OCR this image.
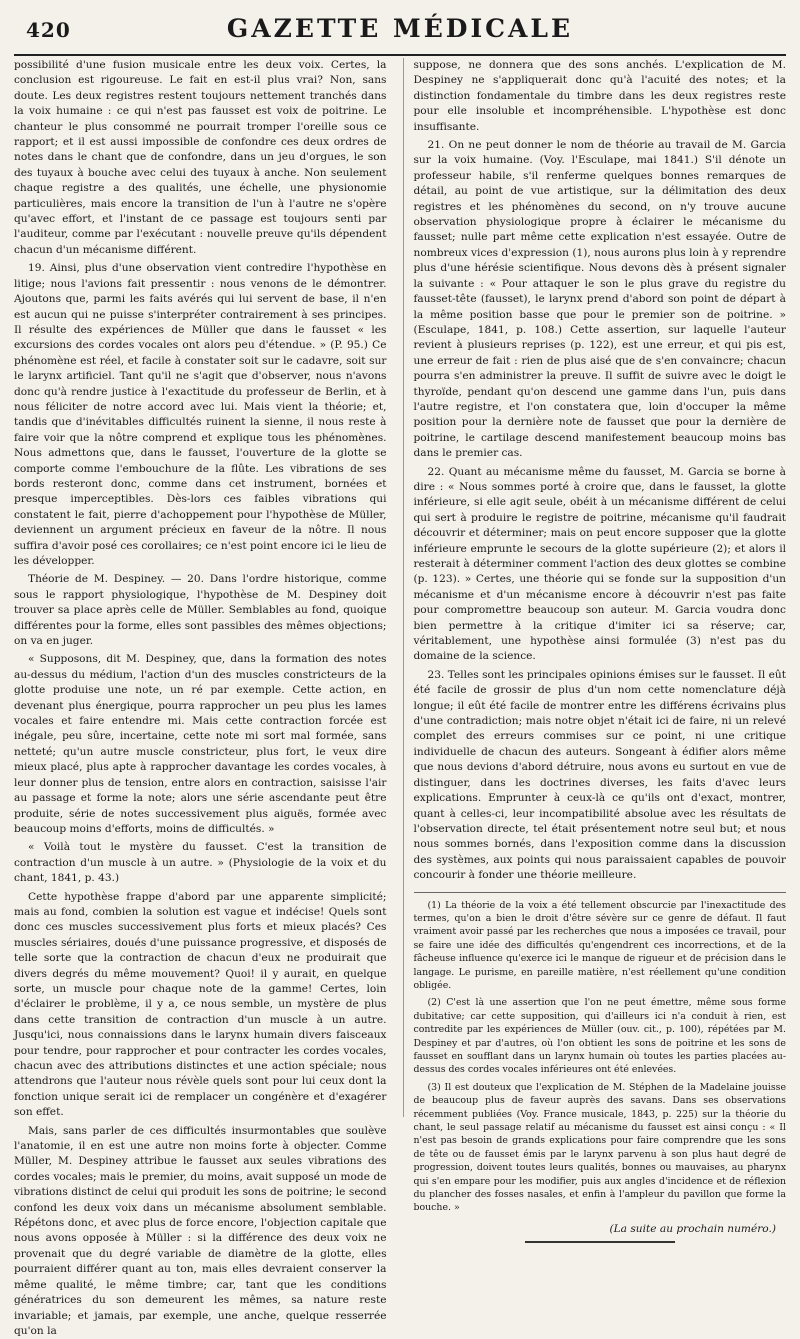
420	GAZETTE MÉDICALE

possibilité d'une fusion musicale entre les deux voix. Certes, la conclusion est rigoureuse. Le fait en est-il plus vrai? Non, sans doute. Les deux registres restent toujours nettement tranchés dans la voix humaine : ce qui n'est pas fausset est voix de poitrine. Le chanteur le plus consommé ne pourrait tromper l'oreille sous ce rapport; et il est aussi impossible de confondre ces deux ordres de notes dans le chant que de confondre, dans un jeu d'orgues, le son des tuyaux à bouche avec celui des tuyaux à anche. Non seulement chaque registre a des qualités, une échelle, une physionomie particulières, mais encore la transition de l'un à l'autre ne s'opère qu'avec effort, et l'instant de ce passage est toujours senti par l'auditeur, comme par l'exécutant : nouvelle preuve qu'ils dépendent chacun d'un mécanisme différent.

19. Ainsi, plus d'une observation vient contredire l'hypothèse en litige; nous l'avions fait pressentir : nous venons de le démontrer. Ajoutons que, parmi les faits avérés qui lui servent de base, il n'en est aucun qui ne puisse s'interpréter contrairement à ses principes. Il résulte des expériences de Müller que dans le fausset « les excursions des cordes vocales ont alors peu d'étendue. » (P. 95.) Ce phénomène est réel, et facile à constater soit sur le cadavre, soit sur le larynx artificiel. Tant qu'il ne s'agit que d'observer, nous n'avons donc qu'à rendre justice à l'exactitude du professeur de Berlin, et à nous féliciter de notre accord avec lui. Mais vient la théorie; et, tandis que d'inévitables difficultés ruinent la sienne, il nous reste à faire voir que la nôtre comprend et explique tous les phénomènes. Nous admettons que, dans le fausset, l'ouverture de la glotte se comporte comme l'embouchure de la flûte. Les vibrations de ses bords resteront donc, comme dans cet instrument, bornées et presque imperceptibles. Dès-lors ces faibles vibrations qui constatent le fait, pierre d'achoppement pour l'hypothèse de Müller, deviennent un argument précieux en faveur de la nôtre. Il nous suffira d'avoir posé ces corollaires; ce n'est point encore ici le lieu de les développer.

Théorie de M. Despiney. — 20. Dans l'ordre historique, comme sous le rapport physiologique, l'hypothèse de M. Despiney doit trouver sa place après celle de Müller. Semblables au fond, quoique différentes pour la forme, elles sont passibles des mêmes objections; on va en juger.

« Supposons, dit M. Despiney, que, dans la formation des notes au-dessus du médium, l'action d'un des muscles constricteurs de la glotte produise une note, un ré par exemple. Cette action, en devenant plus énergique, pourra rapprocher un peu plus les lames vocales et faire entendre mi. Mais cette contraction forcée est inégale, peu sûre, incertaine, cette note mi sort mal formée, sans netteté; qu'un autre muscle constricteur, plus fort, le veux dire mieux placé, plus apte à rapprocher davantage les cordes vocales, à leur donner plus de tension, entre alors en contraction, saisisse l'air au passage et forme la note; alors une série ascendante peut être produite, série de notes successivement plus aiguës, formée avec beaucoup moins d'efforts, moins de difficultés. »

« Voilà tout le mystère du fausset. C'est la transition de contraction d'un muscle à un autre. » (Physiologie de la voix et du chant, 1841, p. 43.)

Cette hypothèse frappe d'abord par une apparente simplicité; mais au fond, combien la solution est vague et indécise! Quels sont donc ces muscles successivement plus forts et mieux placés? Ces muscles sériaires, doués d'une puissance progressive, et disposés de telle sorte que la contraction de chacun d'eux ne produirait que divers degrés du même mouvement? Quoi! il y aurait, en quelque sorte, un muscle pour chaque note de la gamme! Certes, loin d'éclairer le problème, il y a, ce nous semble, un mystère de plus dans cette transition de contraction d'un muscle à un autre. Jusqu'ici, nous connaissions dans le larynx humain divers faisceaux pour tendre, pour rapprocher et pour contracter les cordes vocales, chacun avec des attributions distinctes et une action spéciale; nous attendrons que l'auteur nous révèle quels sont pour lui ceux dont la fonction unique serait ici de remplacer un congénère et d'exagérer son effet.

Mais, sans parler de ces difficultés insurmontables que soulève l'anatomie, il en est une autre non moins forte à objecter. Comme Müller, M. Despiney attribue le fausset aux seules vibrations des cordes vocales; mais le premier, du moins, avait supposé un mode de vibrations distinct de celui qui produit les sons de poitrine; le second confond les deux voix dans un mécanisme absolument semblable. Répétons donc, et avec plus de force encore, l'objection capitale que nous avons opposée à Müller : si la différence des deux voix ne provenait que du degré variable de diamètre de la glotte, elles pourraient différer quant au ton, mais elles devraient conserver la même qualité, le même timbre; car, tant que les conditions génératrices du son demeurent les mêmes, sa nature reste invariable; et jamais, par exemple, une anche, quelque resserrée qu'on la

suppose, ne donnera que des sons anchés. L'explication de M. Despiney ne s'appliquerait donc qu'à l'acuité des notes; et la distinction fondamentale du timbre dans les deux registres reste pour elle insoluble et incompréhensible. L'hypothèse est donc insuffisante.

21. On ne peut donner le nom de théorie au travail de M. Garcia sur la voix humaine. (Voy. l'Esculape, mai 1841.) S'il dénote un professeur habile, s'il renferme quelques bonnes remarques de détail, au point de vue artistique, sur la délimitation des deux registres et les phénomènes du second, on n'y trouve aucune observation physiologique propre à éclairer le mécanisme du fausset; nulle part même cette explication n'est essayée. Outre de nombreux vices d'expression (1), nous aurons plus loin à y reprendre plus d'une hérésie scientifique. Nous devons dès à présent signaler la suivante : « Pour attaquer le son le plus grave du registre du fausset-tête (fausset), le larynx prend d'abord son point de départ à la même position basse que pour le premier son de poitrine. » (Esculape, 1841, p. 108.) Cette assertion, sur laquelle l'auteur revient à plusieurs reprises (p. 122), est une erreur, et qui pis est, une erreur de fait : rien de plus aisé que de s'en convaincre; chacun pourra s'en administrer la preuve. Il suffit de suivre avec le doigt le thyroïde, pendant qu'on descend une gamme dans l'un, puis dans l'autre registre, et l'on constatera que, loin d'occuper la même position pour la dernière note de fausset que pour la dernière de poitrine, le cartilage descend manifestement beaucoup moins bas dans le premier cas.

22. Quant au mécanisme même du fausset, M. Garcia se borne à dire : « Nous sommes porté à croire que, dans le fausset, la glotte inférieure, si elle agit seule, obéit à un mécanisme différent de celui qui sert à produire le registre de poitrine, mécanisme qu'il faudrait découvrir et déterminer; mais on peut encore supposer que la glotte inférieure emprunte le secours de la glotte supérieure (2); et alors il resterait à déterminer comment l'action des deux glottes se combine (p. 123). » Certes, une théorie qui se fonde sur la supposition d'un mécanisme et d'un mécanisme encore à découvrir n'est pas faite pour compromettre beaucoup son auteur. M. Garcia voudra donc bien permettre à la critique d'imiter ici sa réserve; car, véritablement, une hypothèse ainsi formulée (3) n'est pas du domaine de la science.

23. Telles sont les principales opinions émises sur le fausset. Il eût été facile de grossir de plus d'un nom cette nomenclature déjà longue; il eût été facile de montrer entre les différens écrivains plus d'une contradiction; mais notre objet n'était ici de faire, ni un relevé complet des erreurs commises sur ce point, ni une critique individuelle de chacun des auteurs. Songeant à édifier alors même que nous devions d'abord détruire, nous avons eu surtout en vue de distinguer, dans les doctrines diverses, les faits d'avec leurs explications. Emprunter à ceux-là ce qu'ils ont d'exact, montrer, quant à celles-ci, leur incompatibilité absolue avec les résultats de l'observation directe, tel était présentement notre seul but; et nous nous sommes bornés, dans l'exposition comme dans la discussion des systèmes, aux points qui nous paraissaient capables de pouvoir concourir à fonder une théorie meilleure.

(1) La théorie de la voix a été tellement obscurcie par l'inexactitude des termes, qu'on a bien le droit d'être sévère sur ce genre de défaut. Il faut vraiment avoir passé par les recherches que nous a imposées ce travail, pour se faire une idée des difficultés qu'engendrent ces incorrections, et de la fâcheuse influence qu'exerce ici le manque de rigueur et de précision dans le langage. Le purisme, en pareille matière, n'est réellement qu'une condition obligée.

(2) C'est là une assertion que l'on ne peut émettre, même sous forme dubitative; car cette supposition, qui d'ailleurs ici n'a conduit à rien, est contredite par les expériences de Müller (ouv. cit., p. 100), répétées par M. Despiney et par d'autres, où l'on obtient les sons de poitrine et les sons de fausset en soufflant dans un larynx humain où toutes les parties placées au-dessus des cordes vocales inférieures ont été enlevées.

(3) Il est douteux que l'explication de M. Stéphen de la Madelaine jouisse de beaucoup plus de faveur auprès des savans. Dans ses observations récemment publiées (Voy. France musicale, 1843, p. 225) sur la théorie du chant, le seul passage relatif au mécanisme du fausset est ainsi conçu : « Il n'est pas besoin de grands explications pour faire comprendre que les sons de tête ou de fausset émis par le larynx parvenu à son plus haut degré de progression, doivent toutes leurs qualités, bonnes ou mauvaises, au pharynx qui s'en empare pour les modifier, puis aux angles d'incidence et de réflexion du plancher des fosses nasales, et enfin à l'ampleur du pavillon que forme la bouche. »

(La suite au prochain numéro.)
